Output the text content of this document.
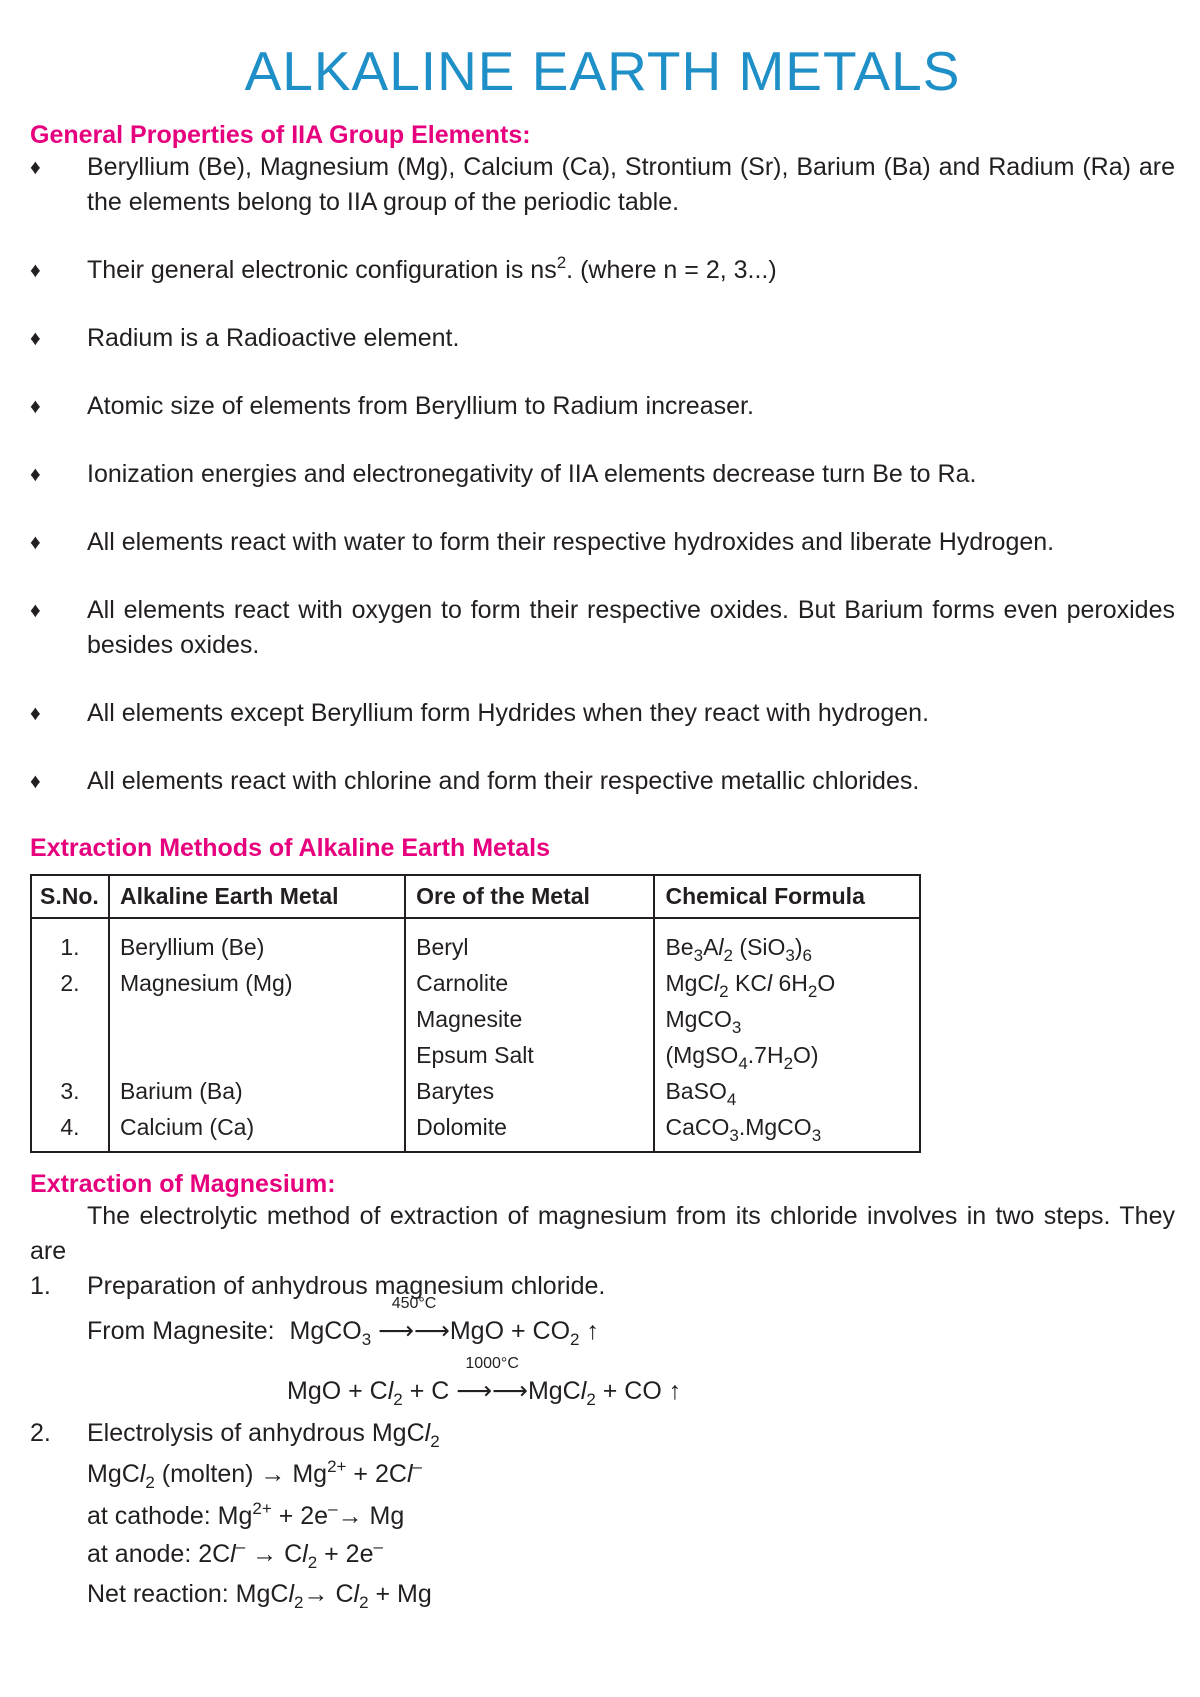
ALKALINE EARTH METALS
General Properties of IIA Group Elements:
♦ Beryllium (Be), Magnesium (Mg), Calcium (Ca), Strontium (Sr), Barium (Ba) and Radium (Ra) are the elements belong to IIA group of the periodic table.
♦ Their general electronic configuration is $ns^2$. (where n = 2, 3...)
♦ Radium is a Radioactive element.
♦ Atomic size of elements from Beryllium to Radium increaser.
♦ Ionization energies and electronegativity of IIA elements decrease turn Be to Ra.
♦ All elements react with water to form their respective hydroxides and liberate Hydrogen.
♦ All elements react with oxygen to form their respective oxides. But Barium forms even peroxides besides oxides.
♦ All elements except Beryllium form Hydrides when they react with hydrogen.
♦ All elements react with chlorine and form their respective metallic chlorides.
Extraction Methods of Alkaline Earth Metals
S.No.	Alkaline Earth Metal	Ore of the Metal	Chemical Formula
1.	Beryllium (Be)	Beryl	$Be_3Al_2$ $(SiO_3)_6$
2.	Magnesium (Mg)	Carnolite	MgCl$_2$ KCl $6H_2O$
		Magnesite	MgCO$_3$
		Epsum Salt	$(MgSO_4.7H_2O)$
3.	Barium (Ba)	Barytes	BaSO$_4$
4.	Calcium (Ca)	Dolomite	CaCO$_3$.MgCO$_3$
Extraction of Magnesium:
The electrolytic method of extraction of magnesium from its chloride involves in two steps. They are
1. Preparation of anhydrous magnesium chloride.
From Magnesite: MgCO$_3$
450°C
⟶⟶MgO + $CO_2$ ↑
MgO + $Cl_2 + C$
1000°C
⟶⟶MgCl$_2$ + CO ↑
2. Electrolysis of anhydrous MgCl$_2$
MgCl$_2$ (molten) → $Mg^{2+} + 2Cl^-$
at cathode: $Mg^{2+} + 2e^-\to Mg$
at anode: $2Cl^- \to Cl_2 + 2e^-$
Net reaction: MgCl$_2$→ $Cl_2 + Mg$
